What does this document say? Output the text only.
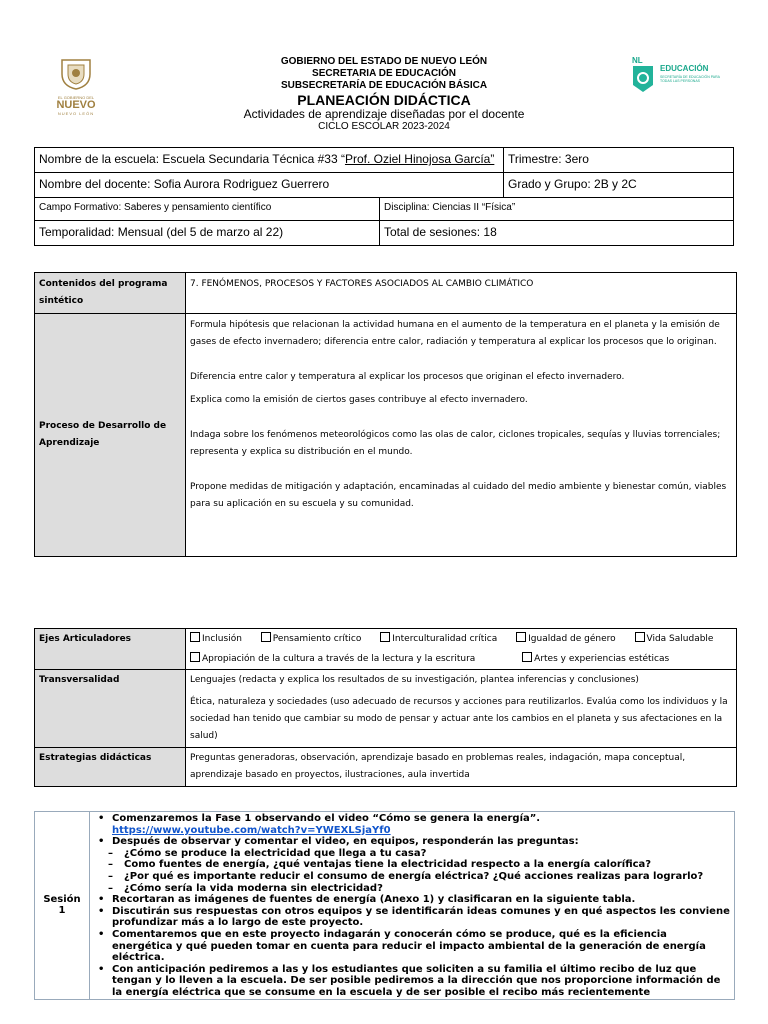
EL GOBIERNO DEL
NUEVO
NUEVO LEÓN
NL
EDUCACIÓN
SECRETARÍA DE EDUCACIÓN PARA TODAS LAS PERSONAS
GOBIERNO DEL ESTADO DE NUEVO LEÓN
SECRETARIA DE EDUCACIÓN
SUBSECRETARÍA DE EDUCACIÓN BÁSICA
PLANEACIÓN DIDÁCTICA
Actividades de aprendizaje diseñadas por el docente
CICLO ESCOLAR 2023-2024
Nombre de la escuela: Escuela Secundaria Técnica #33 “Prof. Oziel Hinojosa García”		Trimestre: 3ero
Nombre del docente: Sofia Aurora Rodriguez Guerrero		Grado y Grupo: 2B y 2C
Campo Formativo: Saberes y pensamiento científico	Disciplina: Ciencias II “Física”	
Temporalidad: Mensual (del 5 de marzo al 22)	Total de sesiones: 18	
Contenidos del programa sintético	7. FENÓMENOS, PROCESOS Y FACTORES ASOCIADOS AL CAMBIO CLIMÁTICO
Proceso de Desarrollo de Aprendizaje	Formula hipótesis que relacionan la actividad humana en el aumento de la temperatura en el planeta y la emisión de gases de efecto invernadero; diferencia entre calor, radiación y temperatura al explicar los procesos que lo originan.
Diferencia entre calor y temperatura al explicar los procesos que originan el efecto invernadero.
Explica como la emisión de ciertos gases contribuye al efecto invernadero.
Indaga sobre los fenómenos meteorológicos como las olas de calor, ciclones tropicales, sequías y lluvias torrenciales; representa y explica su distribución en el mundo.
Propone medidas de mitigación y adaptación, encaminadas al cuidado del medio ambiente y bienestar común, viables para su aplicación en su escuela y su comunidad.
Ejes Articuladores	Inclusión Pensamiento crítico Interculturalidad crítica Igualdad de género Vida Saludable
Apropiación de la cultura a través de la lectura y la escritura Artes y experiencias estéticas

Transversalidad	Lenguajes (redacta y explica los resultados de su investigación, plantea inferencias y conclusiones)
Ética, naturaleza y sociedades (uso adecuado de recursos y acciones para reutilizarlos. Evalúa como los individuos y la sociedad han tenido que cambiar su modo de pensar y actuar ante los cambios en el planeta y sus afectaciones en la salud)

Estrategias didácticas	Preguntas generadoras, observación, aprendizaje basado en problemas reales, indagación, mapa conceptual, aprendizaje basado en proyectos, ilustraciones, aula invertida
Sesión
1

• Comenzaremos la Fase 1 observando el video “Cómo se genera la energía”.
https://www.youtube.com/watch?v=YWEXLSjaYf0
• Después de observar y comentar el video, en equipos, responderán las preguntas:
– ¿Cómo se produce la electricidad que llega a tu casa?
– Como fuentes de energía, ¿qué ventajas tiene la electricidad respecto a la energía calorífica?
– ¿Por qué es importante reducir el consumo de energía eléctrica? ¿Qué acciones realizas para lograrlo?
– ¿Cómo sería la vida moderna sin electricidad?
• Recortaran as imágenes de fuentes de energía (Anexo 1) y clasificaran en la siguiente tabla.
• Discutirán sus respuestas con otros equipos y se identificarán ideas comunes y en qué aspectos les conviene profundizar más a lo largo de este proyecto.
• Comentaremos que en este proyecto indagarán y conocerán cómo se produce, qué es la eficiencia energética y qué pueden tomar en cuenta para reducir el impacto ambiental de la generación de energía eléctrica.
• Con anticipación pediremos a las y los estudiantes que soliciten a su familia el último recibo de luz que tengan y lo lleven a la escuela. De ser posible pediremos a la dirección que nos proporcione información de la energía eléctrica que se consume en la escuela y de ser posible el recibo más recientemente
